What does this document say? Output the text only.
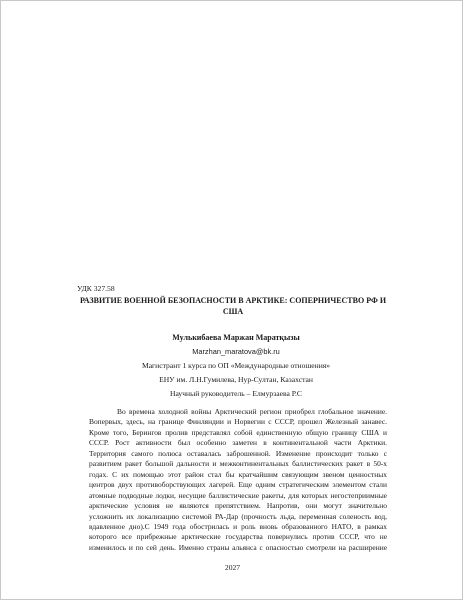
УДК 327.58
РАЗВИТИЕ ВОЕННОЙ БЕЗОПАСНОСТИ В АРКТИКЕ: СОПЕРНИЧЕСТВО РФ И США
Мулькибаева Маржан Маратқызы
Marzhan_maratova@bk.ru
Магистрант 1 курса по ОП «Международные отношения»
ЕНУ им. Л.Н.Гумилева, Нур-Султан, Казахстан
Научный руководитель – Елмурзаева Р.С

Во времена холодной войны Арктический регион приобрел глобальное значение. Вопервых, здесь, на границе Финляндии и Норвегии с СССР, прошел Железный занавес. Кроме того, Берингов пролив представлял собой единственную общую границу США и СССР. Рост активности был особенно заметен в континентальной части Арктики. Территория самого полюса оставалась заброшенной. Изменение происходит только с развитием ракет большой дальности и межконтинентальных баллистических ракет в 50-х годах. С их помощью этот район стал бы кратчайшим связующим звеном ценностных центров двух противоборствующих лагерей. Еще одним стратегическим элементом стали атомные подводные лодки, несущие баллистические ракеты, для которых негостеприимные арктические условия не являются препятствием. Напротив, они могут значительно усложнить их локализацию системой РА-Дар (прочность льда, переменная соленость вод, вдавленное дно).С 1949 года обострилась и роль вновь образованного НАТО, в рамках которого все прибрежные арктические государства повернулись против СССР, что не изменилось и по сей день. Именно страны альянса с опасностью смотрели на расширение

2027
